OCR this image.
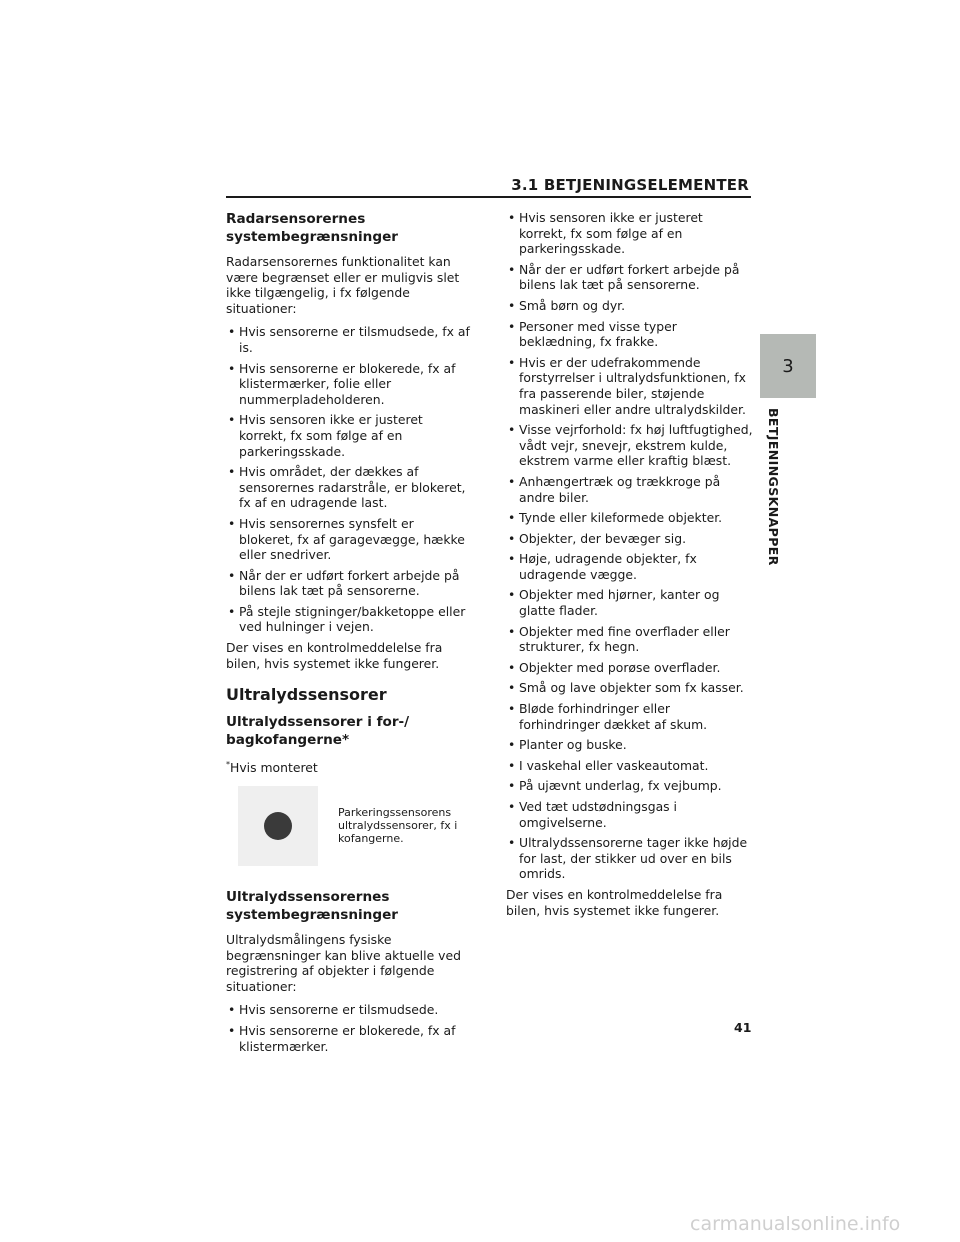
3.1 BETJENINGSELEMENTER
Radarsensorernes systembegrænsninger

Radarsensorernes funktionalitet kan være begrænset eller er muligvis slet ikke tilgængelig, i fx følgende situationer:

• Hvis sensorerne er tilsmudsede, fx af is.
• Hvis sensorerne er blokerede, fx af klistermærker, folie eller nummerpladeholderen.
• Hvis sensoren ikke er justeret korrekt, fx som følge af en parkeringsskade.
• Hvis området, der dækkes af sensorernes radarstråle, er blokeret, fx af en udragende last.
• Hvis sensorernes synsfelt er blokeret, fx af garagevægge, hække eller snedriver.
• Når der er udført forkert arbejde på bilens lak tæt på sensorerne.
• På stejle stigninger/bakketoppe eller ved hulninger i vejen.

Der vises en kontrolmeddelelse fra bilen, hvis systemet ikke fungerer.

Ultralydssensorer
Ultralydssensorer i for-/ bagkofangerne*

*Hvis monteret

Parkeringssensorens ultralydssensorer, fx i kofangerne.
Ultralydssensorernes systembegrænsninger

Ultralydsmålingens fysiske begrænsninger kan blive aktuelle ved registrering af objekter i følgende situationer:

• Hvis sensorerne er tilsmudsede.
• Hvis sensorerne er blokerede, fx af klistermærker.
• Hvis sensoren ikke er justeret korrekt, fx som følge af en parkeringsskade.
• Når der er udført forkert arbejde på bilens lak tæt på sensorerne.
• Små børn og dyr.
• Personer med visse typer beklædning, fx frakke.
• Hvis er der udefrakommende forstyrrelser i ultralydsfunktionen, fx fra passerende biler, støjende maskineri eller andre ultralydskilder.
• Visse vejrforhold: fx høj luftfugtighed, vådt vejr, snevejr, ekstrem kulde, ekstrem varme eller kraftig blæst.
• Anhængertræk og trækkroge på andre biler.
• Tynde eller kileformede objekter.
• Objekter, der bevæger sig.
• Høje, udragende objekter, fx udragende vægge.
• Objekter med hjørner, kanter og glatte flader.
• Objekter med fine overflader eller strukturer, fx hegn.
• Objekter med porøse overflader.
• Små og lave objekter som fx kasser.
• Bløde forhindringer eller forhindringer dækket af skum.
• Planter og buske.
• I vaskehal eller vaskeautomat.
• På ujævnt underlag, fx vejbump.
• Ved tæt udstødningsgas i omgivelserne.
• Ultralydssensorerne tager ikke højde for last, der stikker ud over en bils omrids.

Der vises en kontrolmeddelelse fra bilen, hvis systemet ikke fungerer.

3
BETJENINGSKNAPPER
41
carmanualsonline.info
